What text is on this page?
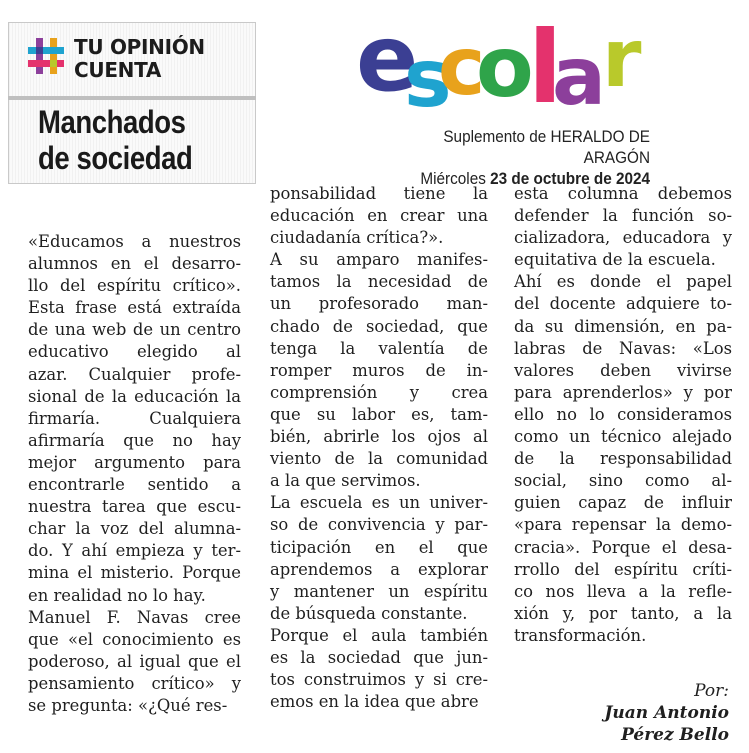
TU OPINIÓN
CUENTA
Manchados
de sociedad
e
s
c
o
l
a
r
Suplemento de HERALDO DE ARAGÓN
Miércoles 23 de octubre de 2024
«Educamos a nuestros
alumnos en el desarro-
llo del espíritu crítico».
Esta frase está extraída
de una web de un centro
educativo elegido al
azar. Cualquier profe-
sional de la educación la
firmaría. Cualquiera
afirmaría que no hay
mejor argumento para
encontrarle sentido a
nuestra tarea que escu-
char la voz del alumna-
do. Y ahí empieza y ter-
mina el misterio. Porque
en realidad no lo hay.
Manuel F. Navas cree
que «el conocimiento es
poderoso, al igual que el
pensamiento crítico» y
se pregunta: «¿Qué res-
ponsabilidad tiene la
educación en crear una
ciudadanía crítica?».
A su amparo manifes-
tamos la necesidad de
un profesorado man-
chado de sociedad, que
tenga la valentía de
romper muros de in-
comprensión y crea
que su labor es, tam-
bién, abrirle los ojos al
viento de la comunidad
a la que servimos.
La escuela es un univer-
so de convivencia y par-
ticipación en el que
aprendemos a explorar
y mantener un espíritu
de búsqueda constante.
Porque el aula también
es la sociedad que jun-
tos construimos y si cre-
emos en la idea que abre
esta columna debemos
defender la función so-
cializadora, educadora y
equitativa de la escuela.
Ahí es donde el papel
del docente adquiere to-
da su dimensión, en pa-
labras de Navas: «Los
valores deben vivirse
para aprenderlos» y por
ello no lo consideramos
como un técnico alejado
de la responsabilidad
social, sino como al-
guien capaz de influir
«para repensar la demo-
cracia». Porque el desa-
rrollo del espíritu críti-
co nos lleva a la refle-
xión y, por tanto, a la
transformación.
Por:
Juan Antonio
Pérez Bello
